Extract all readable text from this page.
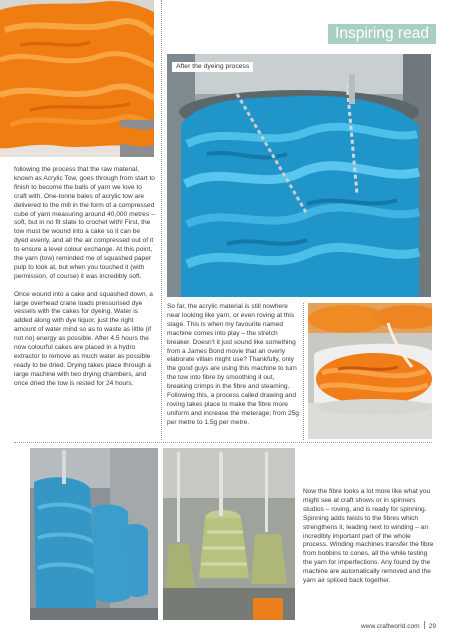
Inspiring read
After the dyeing process

following the process that the raw material, known as Acrylic Tow, goes through from start to finish to become the balls of yarn we love to craft with. One-tonne bales of acrylic tow are delivered to the mill in the form of a compressed cube of yarn measuring around 40,000 metres – soft, but in no fit state to crochet with! First, the tow must be wound into a cake so it can be dyed evenly, and all the air compressed out of it to ensure a level colour exchange. At this point, the yarn (tow) reminded me of squashed paper pulp to look at, but when you touched it (with permission, of course) it was incredibly soft.

Once wound into a cake and squashed down, a large overhead crane loads pressurised dye vessels with the cakes for dyeing. Water is added along with dye liquor, just the right amount of water mind so as to waste as little (if not no) energy as possible. After 4.5 hours the now colourful cakes are placed in a hydro extractor to remove as much water as possible ready to be dried. Drying takes place through a large machine with two drying chambers, and once dried the tow is rested for 24 hours.

So far, the acrylic material is still nowhere near looking like yarn, or even roving at this stage. This is when my favourite named machine comes into play – the stretch breaker. Doesn't it just sound like something from a James Bond movie that an overly elaborate villain might use? Thankfully, only the good guys are using this machine to turn the tow into fibre by smoothing it out, breaking crimps in the fibre and steaming. Following this, a process called drawing and roving takes place to make the fibre more uniform and increase the meterage; from 25g per metre to 1.5g per metre.

Now the fibre looks a lot more like what you might see at craft shows or in spinners studios – roving, and is ready for spinning. Spinning adds twists to the fibres which strengthens it, leading next to winding – an incredibly important part of the whole process. Winding machines transfer the fibre from bobbins to cones, all the while testing the yarn for imperfections. Any found by the machine are automatically removed and the yarn air spliced back together.

www.craftworld.com 29
